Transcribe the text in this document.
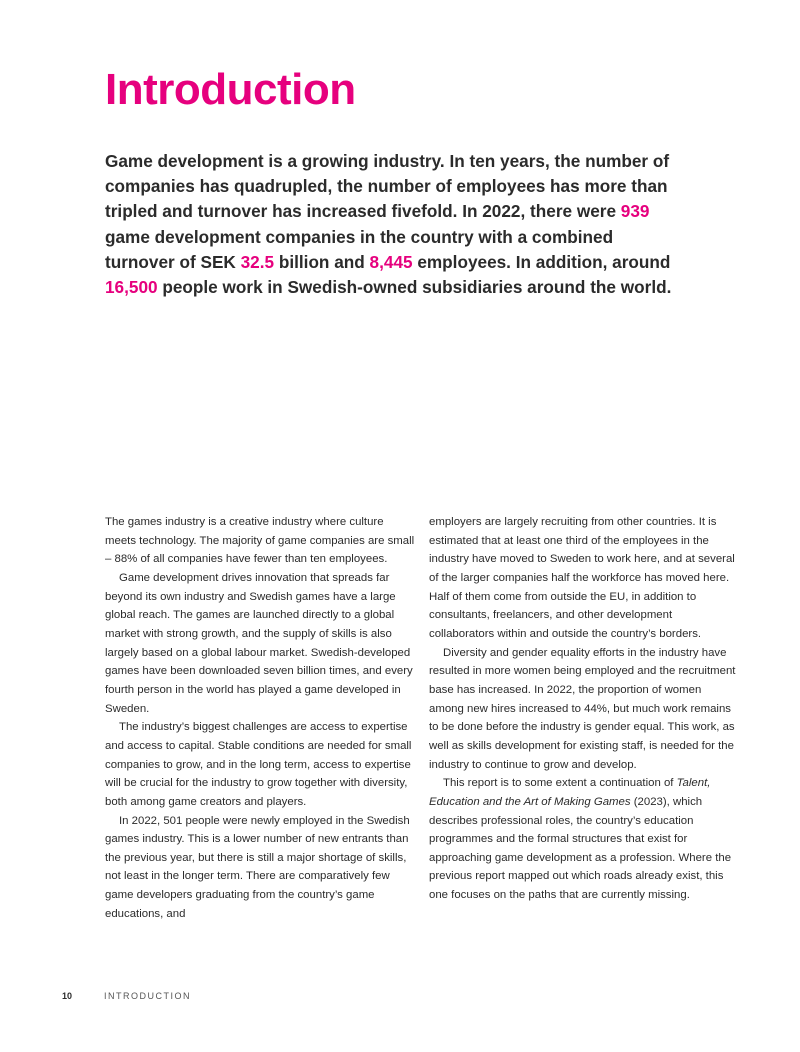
Introduction

Game development is a growing industry. In ten years, the number of companies has quadrupled, the number of employees has more than tripled and turnover has increased fivefold. In 2022, there were 939 game development companies in the country with a combined turnover of SEK 32.5 billion and 8,445 employees. In addition, around 16,500 people work in Swedish-owned subsidiaries around the world.

The games industry is a creative industry where culture meets technology. The majority of game companies are small – 88% of all companies have fewer than ten employees.

Game development drives innovation that spreads far beyond its own industry and Swedish games have a large global reach. The games are launched directly to a global market with strong growth, and the supply of skills is also largely based on a global labour market. Swedish-developed games have been downloaded seven billion times, and every fourth person in the world has played a game developed in Sweden.

The industry’s biggest challenges are access to expertise and access to capital. Stable conditions are needed for small companies to grow, and in the long term, access to expertise will be crucial for the industry to grow together with diversity, both among game creators and players.

In 2022, 501 people were newly employed in the Swedish games industry. This is a lower number of new entrants than the previous year, but there is still a major shortage of skills, not least in the longer term. There are comparatively few game developers graduating from the country’s game educations, and

employers are largely recruiting from other countries. It is estimated that at least one third of the employees in the industry have moved to Sweden to work here, and at several of the larger companies half the workforce has moved here. Half of them come from outside the EU, in addition to consultants, freelancers, and other development collaborators within and outside the country’s borders.

Diversity and gender equality efforts in the industry have resulted in more women being employed and the recruitment base has increased. In 2022, the proportion of women among new hires increased to 44%, but much work remains to be done before the industry is gender equal. This work, as well as skills development for existing staff, is needed for the industry to continue to grow and develop.

This report is to some extent a continuation of Talent, Education and the Art of Making Games (2023), which describes professional roles, the country’s education programmes and the formal structures that exist for approaching game development as a profession. Where the previous report mapped out which roads already exist, this one focuses on the paths that are currently missing.

10	INTRODUCTION
